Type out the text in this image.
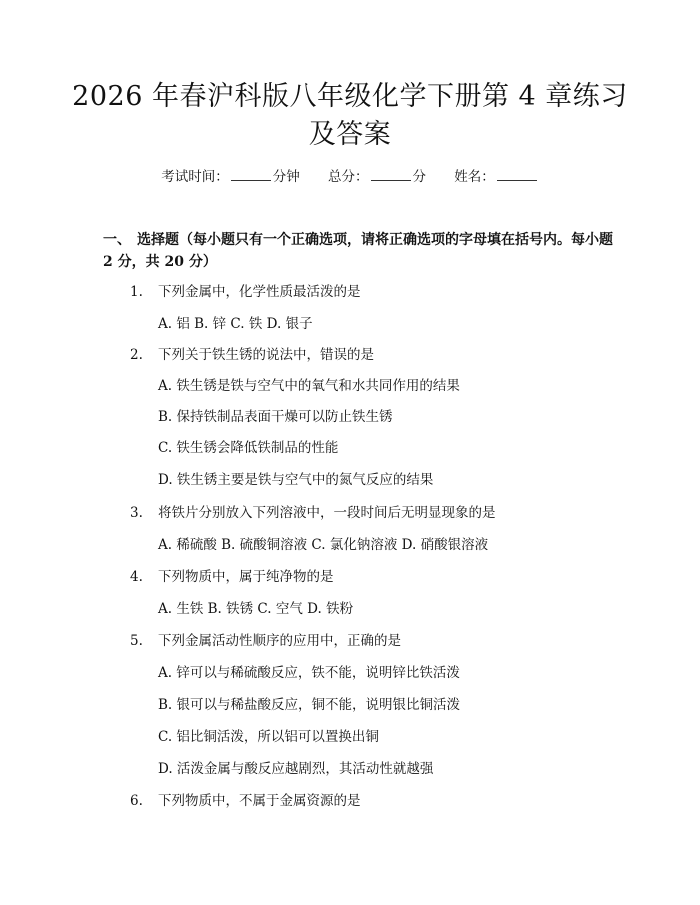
2026 年春沪科版八年级化学下册第 4 章练习及答案
考试时间：	分钟 总分：	分 姓名：
一、 选择题（每小题只有一个正确选项，请将正确选项的字母填在括号内。每小题 2 分，共 20 分）
1. 下列金属中，化学性质最活泼的是
A. 铝 B. 锌 C. 铁 D. 银子
2. 下列关于铁生锈的说法中，错误的是
A. 铁生锈是铁与空气中的氧气和水共同作用的结果
B. 保持铁制品表面干燥可以防止铁生锈
C. 铁生锈会降低铁制品的性能
D. 铁生锈主要是铁与空气中的氮气反应的结果
3. 将铁片分别放入下列溶液中，一段时间后无明显现象的是
A. 稀硫酸 B. 硫酸铜溶液 C. 氯化钠溶液 D. 硝酸银溶液
4. 下列物质中，属于纯净物的是
A. 生铁 B. 铁锈 C. 空气 D. 铁粉
5. 下列金属活动性顺序的应用中，正确的是
A. 锌可以与稀硫酸反应，铁不能，说明锌比铁活泼
B. 银可以与稀盐酸反应，铜不能，说明银比铜活泼
C. 铝比铜活泼，所以铝可以置换出铜
D. 活泼金属与酸反应越剧烈，其活动性就越强
6. 下列物质中，不属于金属资源的是
